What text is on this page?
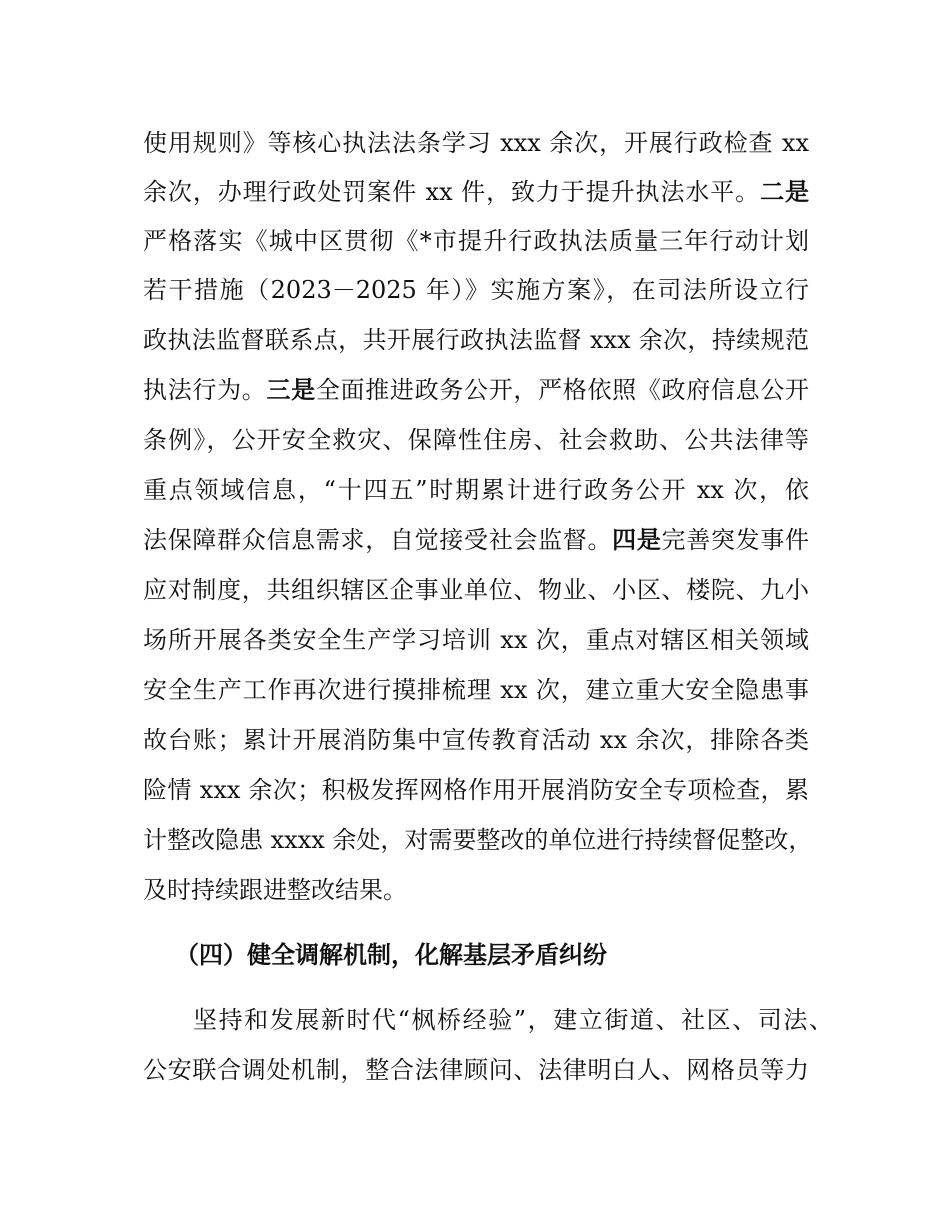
使用规则》等核心执法法条学习 xxx 余次，开展行政检查 xx
余次，办理行政处罚案件 xx 件，致力于提升执法水平。二是
严格落实《城中区贯彻《*市提升行政执法质量三年行动计划
若干措施（2023－2025 年）》实施方案》，在司法所设立行
政执法监督联系点，共开展行政执法监督 xxx 余次，持续规范
执法行为。三是全面推进政务公开，严格依照《政府信息公开
条例》，公开安全救灾、保障性住房、社会救助、公共法律等
重点领域信息，“十四五”时期累计进行政务公开 xx 次，依
法保障群众信息需求，自觉接受社会监督。四是完善突发事件
应对制度，共组织辖区企事业单位、物业、小区、楼院、九小
场所开展各类安全生产学习培训 xx 次，重点对辖区相关领域
安全生产工作再次进行摸排梳理 xx 次，建立重大安全隐患事
故台账；累计开展消防集中宣传教育活动 xx 余次，排除各类
险情 xxx 余次；积极发挥网格作用开展消防安全专项检查，累
计整改隐患 xxxx 余处，对需要整改的单位进行持续督促整改，
及时持续跟进整改结果。
（四）健全调解机制，化解基层矛盾纠纷
坚持和发展新时代“枫桥经验”，建立街道、社区、司法、
公安联合调处机制，整合法律顾问、法律明白人、网格员等力
